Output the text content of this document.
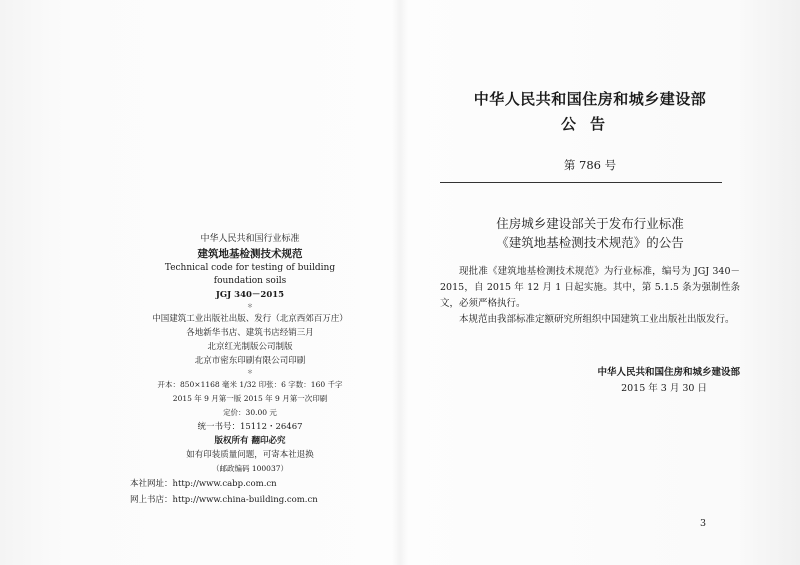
中华人民共和国行业标准
建筑地基检测技术规范
Technical code for testing of building
foundation soils
JGJ 340－2015
＊
中国建筑工业出版社出版、发行（北京西郊百万庄）
各地新华书店、建筑书店经销三月
北京红光制版公司制版
北京市密东印刷有限公司印刷
＊
开本：850×1168 毫米 1/32 印张：6 字数：160 千字
2015 年 9 月第一版 2015 年 9 月第一次印刷
定价：30.00 元
统一书号：15112・26467
版权所有 翻印必究
如有印装质量问题，可寄本社退换
（邮政编码 100037）
本社网址：http://www.cabp.com.cn
网上书店：http://www.china-building.com.cn
中华人民共和国住房和城乡建设部
公告
第 786 号
住房城乡建设部关于发布行业标准
《建筑地基检测技术规范》的公告

现批准《建筑地基检测技术规范》为行业标准，编号为 JGJ 340－2015，自 2015 年 12 月 1 日起实施。其中，第 5.1.5 条为强制性条文，必须严格执行。

本规范由我部标准定额研究所组织中国建筑工业出版社出版发行。

中华人民共和国住房和城乡建设部
2015 年 3 月 30 日
3
